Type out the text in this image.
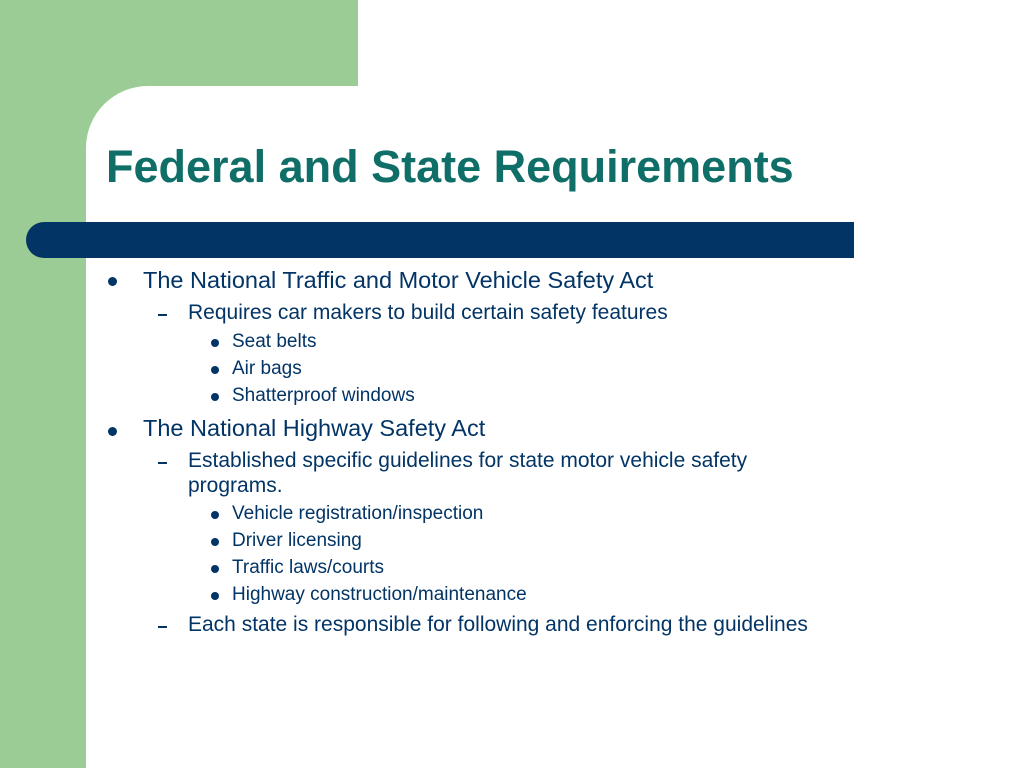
Federal and State Requirements
The National Traffic and Motor Vehicle Safety Act
Requires car makers to build certain safety features
Seat belts
Air bags
Shatterproof windows
The National Highway Safety Act
Established specific guidelines for state motor vehicle safety
programs.
Vehicle registration/inspection
Driver licensing
Traffic laws/courts
Highway construction/maintenance
Each state is responsible for following and enforcing the guidelines
